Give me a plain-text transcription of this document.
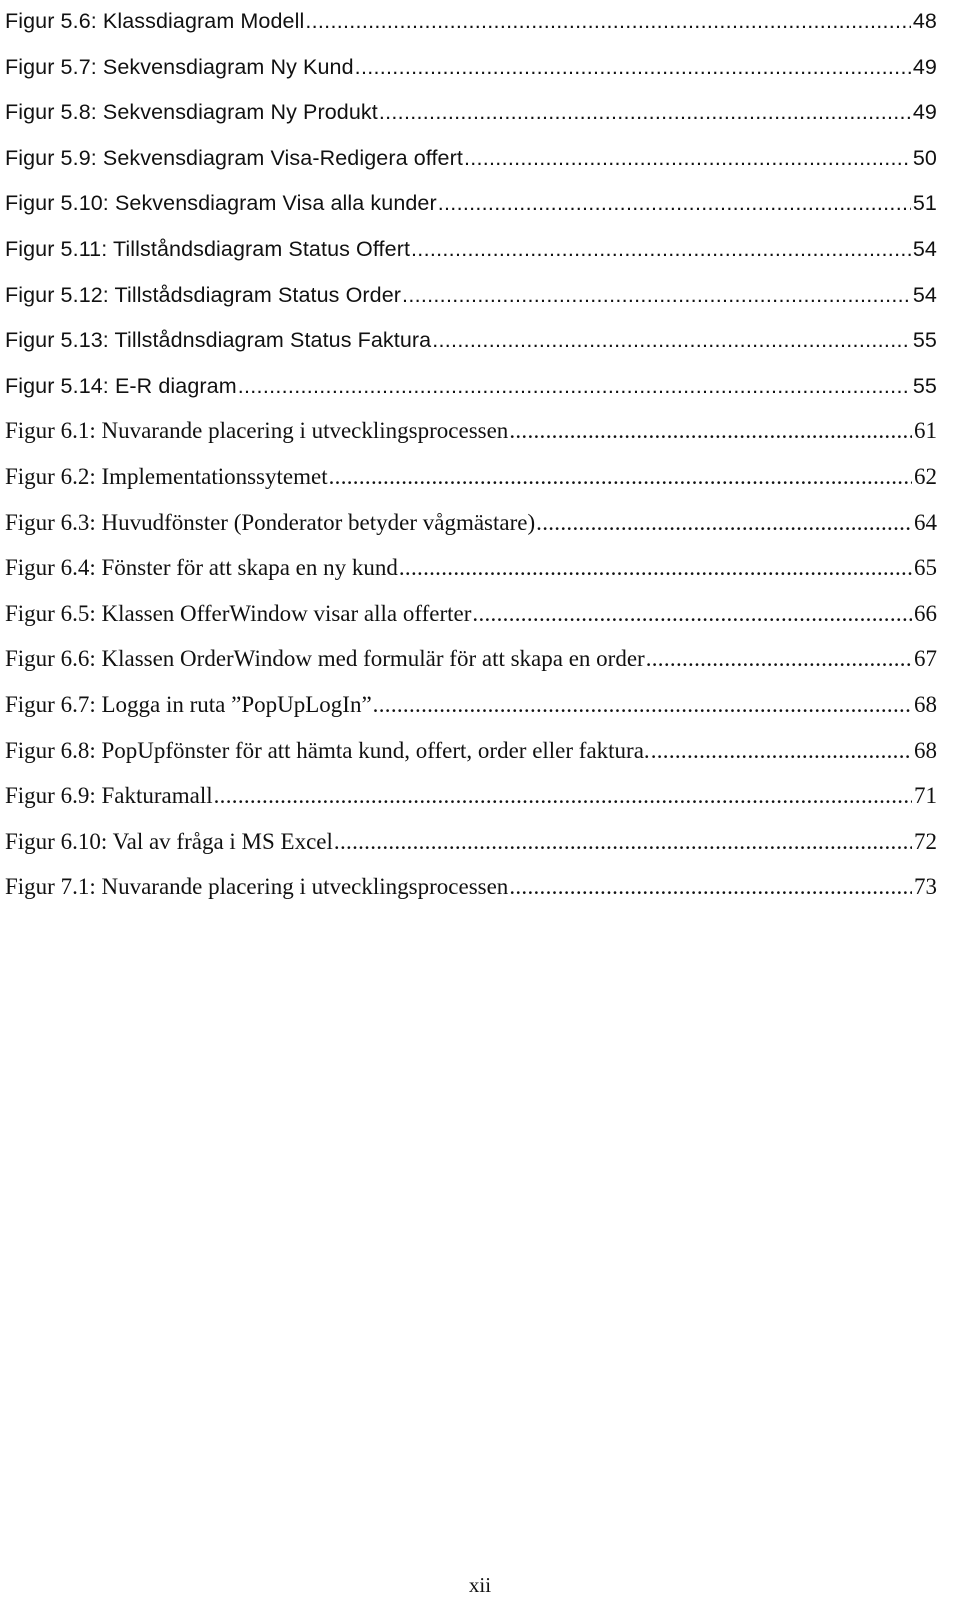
Figur 5.6: Klassdiagram Modell .....	48
Figur 5.7: Sekvensdiagram Ny Kund .....	49
Figur 5.8: Sekvensdiagram Ny Produkt .....	49
Figur 5.9: Sekvensdiagram Visa-Redigera offert .....	50
Figur 5.10: Sekvensdiagram Visa alla kunder .....	51
Figur 5.11: Tillståndsdiagram Status Offert .....	54
Figur 5.12: Tillstådsdiagram Status Order .....	54
Figur 5.13: Tillstådnsdiagram Status Faktura .....	55
Figur 5.14: E-R diagram .....	55
Figur 6.1: Nuvarande placering i utvecklingsprocessen .....	61
Figur 6.2: Implementationssytemet .....	62
Figur 6.3: Huvudfönster (Ponderator betyder vågmästare) .....	64
Figur 6.4: Fönster för att skapa en ny kund .....	65
Figur 6.5: Klassen OfferWindow visar alla offerter .....	66
Figur 6.6: Klassen OrderWindow med formulär för att skapa en order .....	67
Figur 6.7: Logga in ruta ”PopUpLogIn” .....	68
Figur 6.8: PopUpfönster för att hämta kund, offert, order eller faktura. .....	68
Figur 6.9: Fakturamall .....	71
Figur 6.10: Val av fråga i MS Excel .....	72
Figur 7.1: Nuvarande placering i utvecklingsprocessen .....	73
xii
